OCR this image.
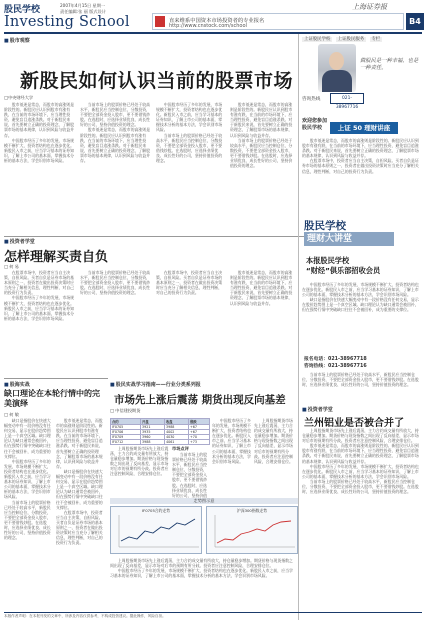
股民学校	2007年4月15日 星期一
责任编辑:张 丽 版式设计
Investing School
上海证券报
直来维系中国资本市场投资者的专业报名
http://www.cnstock.com/school	B4
■ 股市观察
新股民如何认识当前的股票市场
□中央财经大学

股市低迷是常态，而股市的高涨则是阶段性的。新股民应认识到股市有涨有跌，在当前的市场环境下，应当理性投资，避免盲目追涨杀跌。对于新股民来说，首先要树立正确的投资理念，了解股票市场的基本规律，认识到风险与收益并存。

中国股市经历了多年的发展，市场规模不断扩大，投资者结构也在逐步优化。新股民入市之前，应当学习基本的证券知识，了解上市公司的基本面，掌握技术分析的基本方法，学会识别市场风险。

当前市场上的股票价格已经处于较高水平，新股民应当控制仓位，分散投资，不要把全部资金投入股市，更不要借钱炒股。在选股时，应选择业绩优良、成长性好的公司，坚持价值投资的理念。

股市低迷是常态，而股市的高涨则是阶段性的。新股民应认识到股市有涨有跌，在当前的市场环境下，应当理性投资，避免盲目追涨杀跌。对于新股民来说，首先要树立正确的投资理念，了解股票市场的基本规律，认识到风险与收益并存。

中国股市经历了多年的发展，市场规模不断扩大，投资者结构也在逐步优化。新股民入市之前，应当学习基本的证券知识，了解上市公司的基本面，掌握技术分析的基本方法，学会识别市场风险。

当前市场上的股票价格已经处于较高水平，新股民应当控制仓位，分散投资，不要把全部资金投入股市，更不要借钱炒股。在选股时，应选择业绩优良、成长性好的公司，坚持价值投资的理念。

股市低迷是常态，而股市的高涨则是阶段性的。新股民应认识到股市有涨有跌，在当前的市场环境下，应当理性投资，避免盲目追涨杀跌。对于新股民来说，首先要树立正确的投资理念，了解股票市场的基本规律，认识到风险与收益并存。

当前市场上的股票价格已经处于较高水平，新股民应当控制仓位，分散投资，不要把全部资金投入股市，更不要借钱炒股。在选股时，应选择业绩优良、成长性好的公司，坚持价值投资的理念。

■ 投资者学堂
怎样理解买责自负
□ 何 易

在股票市场中，投资者应当自主决策，自担风险。买者自负是证券市场的基本原则之一，投资者在做出投资决策时应当充分了解相关信息，理性判断，对自己的投资行为负责。

中国股市经历了多年的发展，市场规模不断扩大，投资者结构也在逐步优化。新股民入市之前，应当学习基本的证券知识，了解上市公司的基本面，掌握技术分析的基本方法，学会识别市场风险。

当前市场上的股票价格已经处于较高水平，新股民应当控制仓位，分散投资，不要把全部资金投入股市，更不要借钱炒股。在选股时，应选择业绩优良、成长性好的公司，坚持价值投资的理念。

在股票市场中，投资者应当自主决策，自担风险。买者自负是证券市场的基本原则之一，投资者在做出投资决策时应当充分了解相关信息，理性判断，对自己的投资行为负责。

股市低迷是常态，而股市的高涨则是阶段性的。新股民应认识到股市有涨有跌，在当前的市场环境下，应当理性投资，避免盲目追涨杀跌。对于新股民来说，首先要树立正确的投资理念，了解股票市场的基本规律，认识到风险与收益并存。

■ 股海实战
缺口理论在本轮行情中的完美演绎
□ 何 敏

缺口是指股价在快速大幅变动中有一段价格没有任何交易，显示在股价趋势图上是一个真空区域。缺口理论认为缺口通常会被回补，但在强势行情中突破缺口往往不会被回补，成为重要的支撑位。

中国股市经历了多年的发展，市场规模不断扩大，投资者结构也在逐步优化。新股民入市之前，应当学习基本的证券知识，了解上市公司的基本面，掌握技术分析的基本方法，学会识别市场风险。

当前市场上的股票价格已经处于较高水平，新股民应当控制仓位，分散投资，不要把全部资金投入股市，更不要借钱炒股。在选股时，应选择业绩优良、成长性好的公司，坚持价值投资的理念。

股市低迷是常态，而股市的高涨则是阶段性的。新股民应认识到股市有涨有跌，在当前的市场环境下，应当理性投资，避免盲目追涨杀跌。对于新股民来说，首先要树立正确的投资理念，了解股票市场的基本规律，认识到风险与收益并存。

缺口是指股价在快速大幅变动中有一段价格没有任何交易，显示在股价趋势图上是一个真空区域。缺口理论认为缺口通常会被回补，但在强势行情中突破缺口往往不会被回补，成为重要的支撑位。

在股票市场中，投资者应当自主决策，自担风险。买者自负是证券市场的基本原则之一，投资者在做出投资决策时应当充分了解相关信息，理性判断，对自己的投资行为负责。

■ 股民实战学习指南——行业分类系列报
市场先上涨后震荡 期货出现反向基差
□ 中信建投期货
合约	开盘	收盘	涨跌
IF0705	3921	3988	+67
IF0706	3935	4002	+67
IF0709	3960	4030	+70
IF0712	3988	4061	+73

上周股指期货市场先上涨后震荡，主力合约成交量有所放大，持仓量稳步增加。期货价格与现货指数之间出现了反向基差，显示市场对后市的预期有所分歧。投资者应注意控制风险，合理安排仓位。

中国股市经历了多年的发展，市场规模不断扩大，投资者结构也在逐步优化。新股民入市之前，应当学习基本的证券知识，了解上市公司的基本面，掌握技术分析的基本方法，学会识别市场风险。

上周股指期货市场先上涨后震荡，主力合约成交量有所放大，持仓量稳步增加。期货价格与现货指数之间出现了反向基差，显示市场对后市的预期有所分歧。投资者应注意控制风险，合理安排仓位。

市场点评

当前市场上的股票价格已经处于较高水平，新股民应当控制仓位，分散投资，不要把全部资金投入股市，更不要借钱炒股。在选股时，应选择业绩优良、成长性好的公司，坚持价值

走势图示意
IF0705合约走势	沪深300指数走势

上周股指期货市场先上涨后震荡，主力合约成交量有所放大，持仓量稳步增加。期货价格与现货指数之间出现了反向基差，显示市场对后市的预期有所分歧。投资者应注意控制风险，合理安排仓位。

中国股市经历了多年的发展，市场规模不断扩大，投资者结构也在逐步优化。新股民入市之前，应当学习基本的证券知识，了解上市公司的基本面，掌握技术分析的基本方法，学会识别市场风险。

上证股民学校 上证股民服务 专栏
做股民是一种幸福，也是一种责任。
咨询热线	021-38967716
欢迎您参加股民学校	上证 50 理财讲座

股市低迷是常态，而股市的高涨则是阶段性的。新股民应认识到股市有涨有跌，在当前的市场环境下，应当理性投资，避免盲目追涨杀跌。对于新股民来说，首先要树立正确的投资理念，了解股票市场的基本规律，认识到风险与收益并存。

在股票市场中，投资者应当自主决策，自担风险。买者自负是证券市场的基本原则之一，投资者在做出投资决策时应当充分了解相关信息，理性判断，对自己的投资行为负责。

股民学校
理财大讲堂
本报股民学校
“财经”俱乐部招收会员

中国股市经历了多年的发展，市场规模不断扩大，投资者结构也在逐步优化。新股民入市之前，应当学习基本的证券知识，了解上市公司的基本面，掌握技术分析的基本方法，学会识别市场风险。

缺口是指股价在快速大幅变动中有一段价格没有任何交易，显示在股价趋势图上是一个真空区域。缺口理论认为缺口通常会被回补，但在强势行情中突破缺口往往不会被回补，成为重要的支撑位。

报名电话：021-38967718
咨询热线：021-38967716

当前市场上的股票价格已经处于较高水平，新股民应当控制仓位，分散投资，不要把全部资金投入股市，更不要借钱炒股。在选股时，应选择业绩优良、成长性好的公司，坚持价值投资的理念。

■ 投资者学堂
兰州铝业是否被合并了

上周股指期货市场先上涨后震荡，主力合约成交量有所放大，持仓量稳步增加。期货价格与现货指数之间出现了反向基差，显示市场对后市的预期有所分歧。投资者应注意控制风险，合理安排仓位。

股市低迷是常态，而股市的高涨则是阶段性的。新股民应认识到股市有涨有跌，在当前的市场环境下，应当理性投资，避免盲目追涨杀跌。对于新股民来说，首先要树立正确的投资理念，了解股票市场的基本规律，认识到风险与收益并存。

中国股市经历了多年的发展，市场规模不断扩大，投资者结构也在逐步优化。新股民入市之前，应当学习基本的证券知识，了解上市公司的基本面，掌握技术分析的基本方法，学会识别市场风险。

当前市场上的股票价格已经处于较高水平，新股民应当控制仓位，分散投资，不要把全部资金投入股市，更不要借钱炒股。在选股时，应选择业绩优良、成长性好的公司，坚持价值投资的理念。

本版作者声明：在本报刊发的文章中，所涉及内容仅供参考，不构成投资建议。据此操作，风险自担。
